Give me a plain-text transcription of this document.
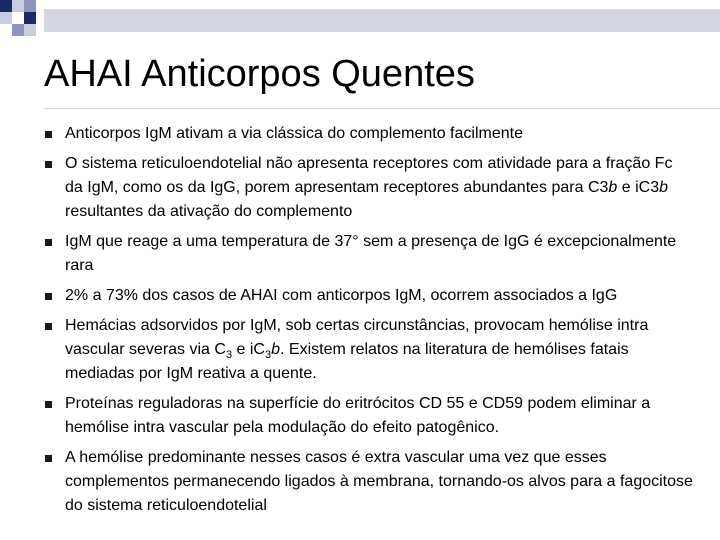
AHAI Anticorpos Quentes
Anticorpos IgM ativam a via clássica do complemento facilmente
O sistema reticuloendotelial não apresenta receptores com atividade para a fração Fc da IgM, como os da IgG, porem apresentam receptores abundantes para C3b e iC3b resultantes da ativação do complemento
IgM que reage a uma temperatura de 37° sem a presença de IgG é excepcionalmente rara
2% a 73% dos casos de AHAI com anticorpos IgM, ocorrem associados a IgG
Hemácias adsorvidos por IgM, sob certas circunstâncias, provocam hemólise intra vascular severas via $C_3$ e $iC_3b$. Existem relatos na literatura de hemólises fatais mediadas por IgM reativa a quente.
Proteínas reguladoras na superfície do eritrócitos CD 55 e CD59 podem eliminar a hemólise intra vascular pela modulação do efeito patogênico.
A hemólise predominante nesses casos é extra vascular uma vez que esses complementos permanecendo ligados à membrana, tornando-os alvos para a fagocitose do sistema reticuloendotelial
